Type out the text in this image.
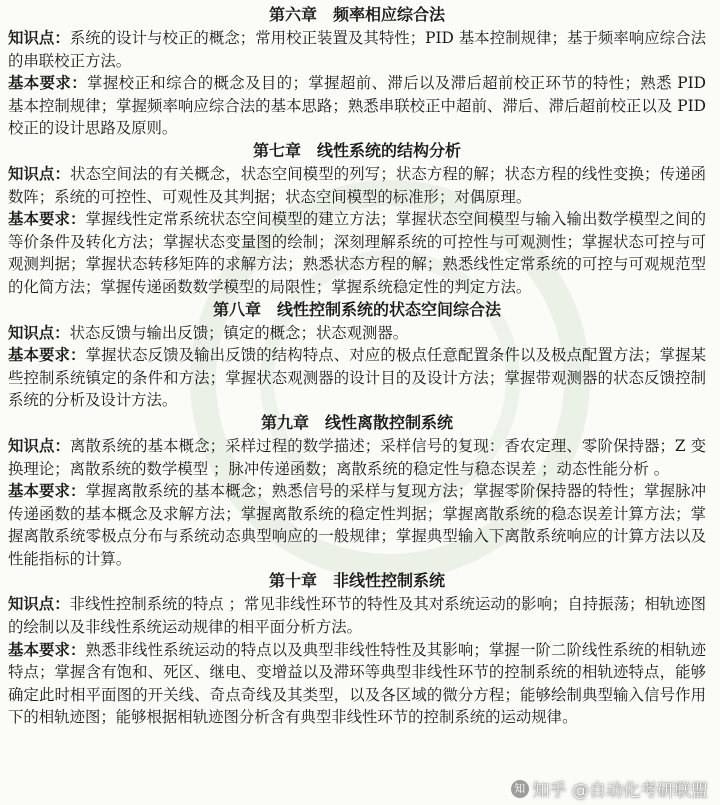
第六章　频率相应综合法

知识点：系统的设计与校正的概念；常用校正装置及其特性；PID 基本控制规律；基于频率响应综合法的串联校正方法。

基本要求：掌握校正和综合的概念及目的；掌握超前、滞后以及滞后超前校正环节的特性；熟悉 PID 基本控制规律；掌握频率响应综合法的基本思路；熟悉串联校正中超前、滞后、滞后超前校正以及 PID 校正的设计思路及原则。

第七章　线性系统的结构分析

知识点：状态空间法的有关概念，状态空间模型的列写；状态方程的解；状态方程的线性变换；传递函数阵；系统的可控性、可观性及其判据；状态空间模型的标准形；对偶原理。

基本要求：掌握线性定常系统状态空间模型的建立方法；掌握状态空间模型与输入输出数学模型之间的等价条件及转化方法；掌握状态变量图的绘制；深刻理解系统的可控性与可观测性；掌握状态可控与可观测判据；掌握状态转移矩阵的求解方法；熟悉状态方程的解；熟悉线性定常系统的可控与可观规范型的化简方法；掌握传递函数数学模型的局限性；掌握系统稳定性的判定方法。

第八章　线性控制系统的状态空间综合法

知识点：状态反馈与输出反馈；镇定的概念；状态观测器。

基本要求：掌握状态反馈及输出反馈的结构特点、对应的极点任意配置条件以及极点配置方法；掌握某些控制系统镇定的条件和方法；掌握状态观测器的设计目的及设计方法；掌握带观测器的状态反馈控制系统的分析及设计方法。

第九章　线性离散控制系统

知识点：离散系统的基本概念；采样过程的数学描述；采样信号的复现：香农定理、零阶保持器；Z 变换理论；离散系统的数学模型 ；脉冲传递函数；离散系统的稳定性与稳态误差 ；动态性能分析 。

基本要求：掌握离散系统的基本概念；熟悉信号的采样与复现方法；掌握零阶保持器的特性；掌握脉冲传递函数的基本概念及求解方法；掌握离散系统的稳定性判据；掌握离散系统的稳态误差计算方法；掌握离散系统零极点分布与系统动态典型响应的一般规律；掌握典型输入下离散系统响应的计算方法以及性能指标的计算。

第十章　非线性控制系统

知识点：非线性控制系统的特点 ；常见非线性环节的特性及其对系统运动的影响；自持振荡；相轨迹图的绘制以及非线性系统运动规律的相平面分析方法。

基本要求：熟悉非线性系统运动的特点以及典型非线性特性及其影响；掌握一阶二阶线性系统的相轨迹特点；掌握含有饱和、死区、继电、变增益以及滞环等典型非线性环节的控制系统的相轨迹特点，能够确定此时相平面图的开关线、奇点奇线及其类型，以及各区域的微分方程；能够绘制典型输入信号作用下的相轨迹图；能够根据相轨迹图分析含有典型非线性环节的控制系统的运动规律。

知 知乎 @自动化考研联盟
